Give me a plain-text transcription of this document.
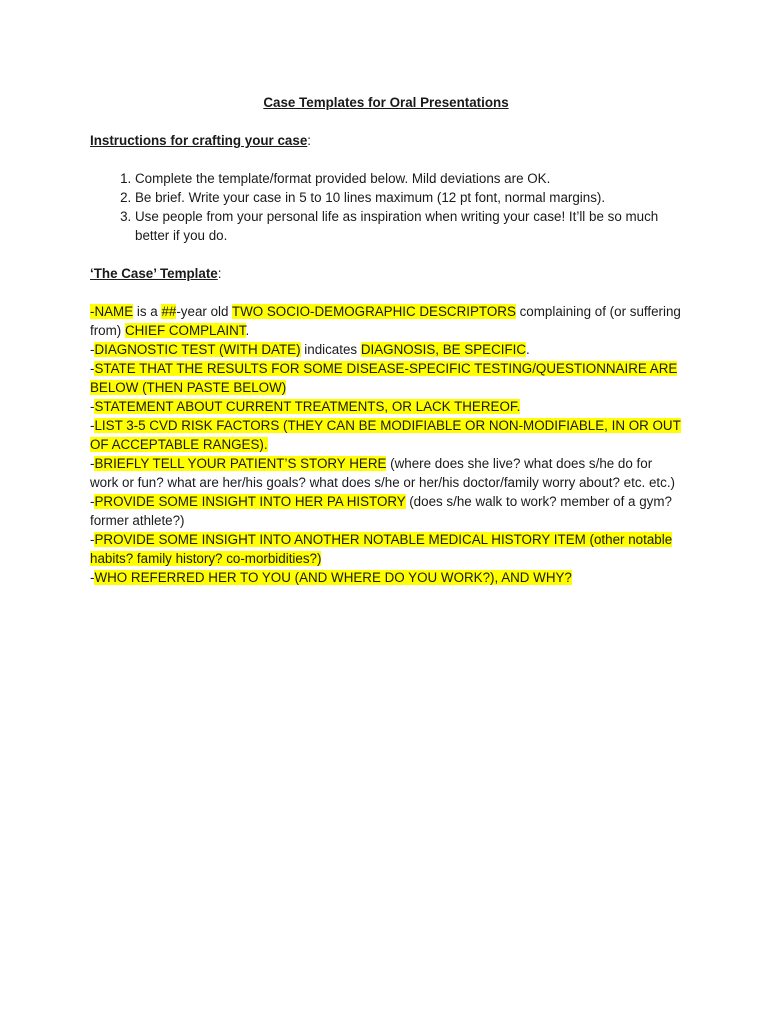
Case Templates for Oral Presentations
Instructions for crafting your case:
1. Complete the template/format provided below. Mild deviations are OK.
2. Be brief. Write your case in 5 to 10 lines maximum (12 pt font, normal margins).
3. Use people from your personal life as inspiration when writing your case! It’ll be so much better if you do.
‘The Case’ Template:

-NAME is a ##-year old TWO SOCIO-DEMOGRAPHIC DESCRIPTORS complaining of (or suffering from) CHIEF COMPLAINT.

-DIAGNOSTIC TEST (WITH DATE) indicates DIAGNOSIS, BE SPECIFIC.

-STATE THAT THE RESULTS FOR SOME DISEASE-SPECIFIC TESTING/QUESTIONNAIRE ARE BELOW (THEN PASTE BELOW)

-STATEMENT ABOUT CURRENT TREATMENTS, OR LACK THEREOF.

-LIST 3-5 CVD RISK FACTORS (THEY CAN BE MODIFIABLE OR NON-MODIFIABLE, IN OR OUT OF ACCEPTABLE RANGES).

-BRIEFLY TELL YOUR PATIENT’S STORY HERE (where does she live? what does s/he do for work or fun? what are her/his goals? what does s/he or her/his doctor/family worry about? etc. etc.)

-PROVIDE SOME INSIGHT INTO HER PA HISTORY (does s/he walk to work? member of a gym? former athlete?)

-PROVIDE SOME INSIGHT INTO ANOTHER NOTABLE MEDICAL HISTORY ITEM (other notable habits? family history? co-morbidities?)

-WHO REFERRED HER TO YOU (AND WHERE DO YOU WORK?), AND WHY?
